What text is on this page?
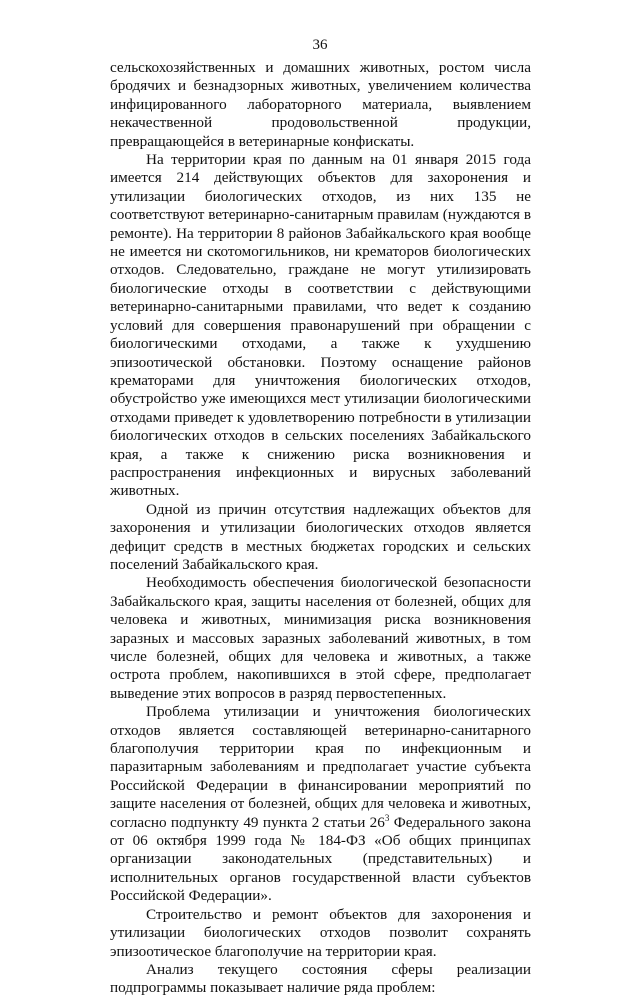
36

сельскохозяйственных и домашних животных, ростом числа бродячих и безнадзорных животных, увеличением количества инфицированного лабораторного материала, выявлением некачественной продовольственной продукции, превращающейся в ветеринарные конфискаты.

На территории края по данным на 01 января 2015 года имеется 214 действующих объектов для захоронения и утилизации биологических отходов, из них 135 не соответствуют ветеринарно-санитарным правилам (нуждаются в ремонте). На территории 8 районов Забайкальского края вообще не имеется ни скотомогильников, ни крематоров биологических отходов. Следовательно, граждане не могут утилизировать биологические отходы в соответствии с действующими ветеринарно-санитарными правилами, что ведет к созданию условий для совершения правонарушений при обращении с биологическими отходами, а также к ухудшению эпизоотической обстановки. Поэтому оснащение районов крематорами для уничтожения биологических отходов, обустройство уже имеющихся мест утилизации биологическими отходами приведет к удовлетворению потребности в утилизации биологических отходов в сельских поселениях Забайкальского края, а также к снижению риска возникновения и распространения инфекционных и вирусных заболеваний животных.

Одной из причин отсутствия надлежащих объектов для захоронения и утилизации биологических отходов является дефицит средств в местных бюджетах городских и сельских поселений Забайкальского края.

Необходимость обеспечения биологической безопасности Забайкальского края, защиты населения от болезней, общих для человека и животных, минимизация риска возникновения заразных и массовых заразных заболеваний животных, в том числе болезней, общих для человека и животных, а также острота проблем, накопившихся в этой сфере, предполагает выведение этих вопросов в разряд первостепенных.

Проблема утилизации и уничтожения биологических отходов является составляющей ветеринарно-санитарного благополучия территории края по инфекционным и паразитарным заболеваниям и предполагает участие субъекта Российской Федерации в финансировании мероприятий по защите населения от болезней, общих для человека и животных, согласно подпункту 49 пункта 2 статьи $26^3$ Федерального закона от 06 октября 1999 года № 184-ФЗ «Об общих принципах организации законодательных (представительных) и исполнительных органов государственной власти субъектов Российской Федерации».

Строительство и ремонт объектов для захоронения и утилизации биологических отходов позволит сохранять эпизоотическое благополучие на территории края.

Анализ текущего состояния сферы реализации подпрограммы показывает наличие ряда проблем:
